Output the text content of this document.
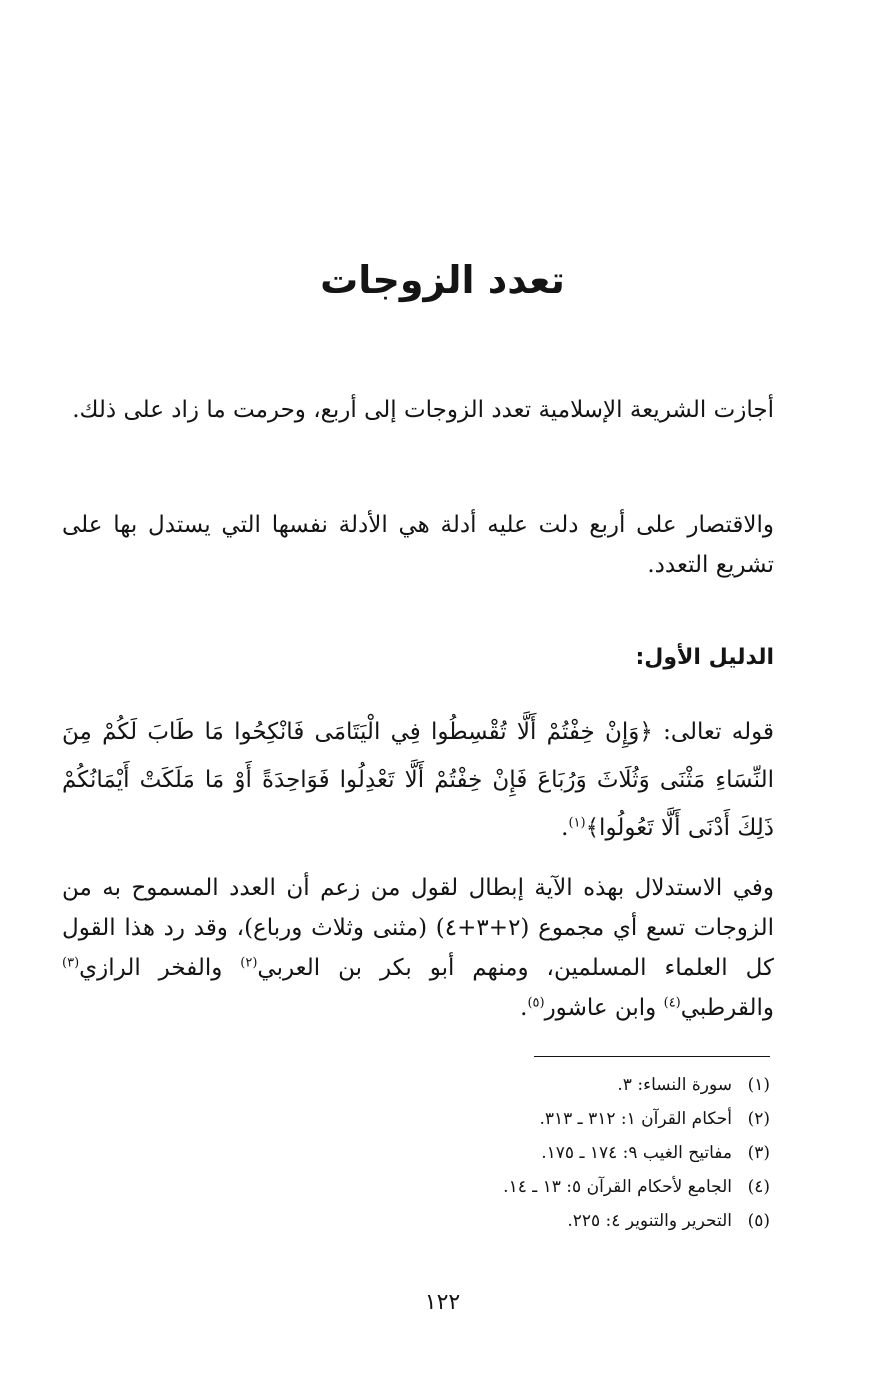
تعدد الزوجات

أجازت الشريعة الإسلامية تعدد الزوجات إلى أربع، وحرمت ما زاد على ذلك.

والاقتصار على أربع دلت عليه أدلة هي الأدلة نفسها التي يستدل بها على تشريع التعدد.

الدليل الأول:

قوله تعالى: ﴿وَإِنْ خِفْتُمْ أَلَّا تُقْسِطُوا فِي الْيَتَامَى فَانْكِحُوا مَا طَابَ لَكُمْ مِنَ النِّسَاءِ مَثْنَى وَثُلَاثَ وَرُبَاعَ فَإِنْ خِفْتُمْ أَلَّا تَعْدِلُوا فَوَاحِدَةً أَوْ مَا مَلَكَتْ أَيْمَانُكُمْ ذَلِكَ أَدْنَى أَلَّا تَعُولُوا﴾$^{(١)}$.

وفي الاستدلال بهذه الآية إبطال لقول من زعم أن العدد المسموح به من الزوجات تسع أي مجموع (٢+٣+٤) (مثنى وثلاث ورباع)، وقد رد هذا القول كل العلماء المسلمين، ومنهم أبو بكر بن العربي$^{(٢)}$ والفخر الرازي$^{(٣)}$ والقرطبي$^{(٤)}$ وابن عاشور$^{(٥)}$.

(١)سورة النساء: ٣.
(٢)أحكام القرآن ١: ٣١٢ ـ ٣١٣.
(٣)مفاتيح الغيب ٩: ١٧٤ ـ ١٧٥.
(٤)الجامع لأحكام القرآن ٥: ١٣ ـ ١٤.
(٥)التحرير والتنوير ٤: ٢٢٥.
١٢٢
